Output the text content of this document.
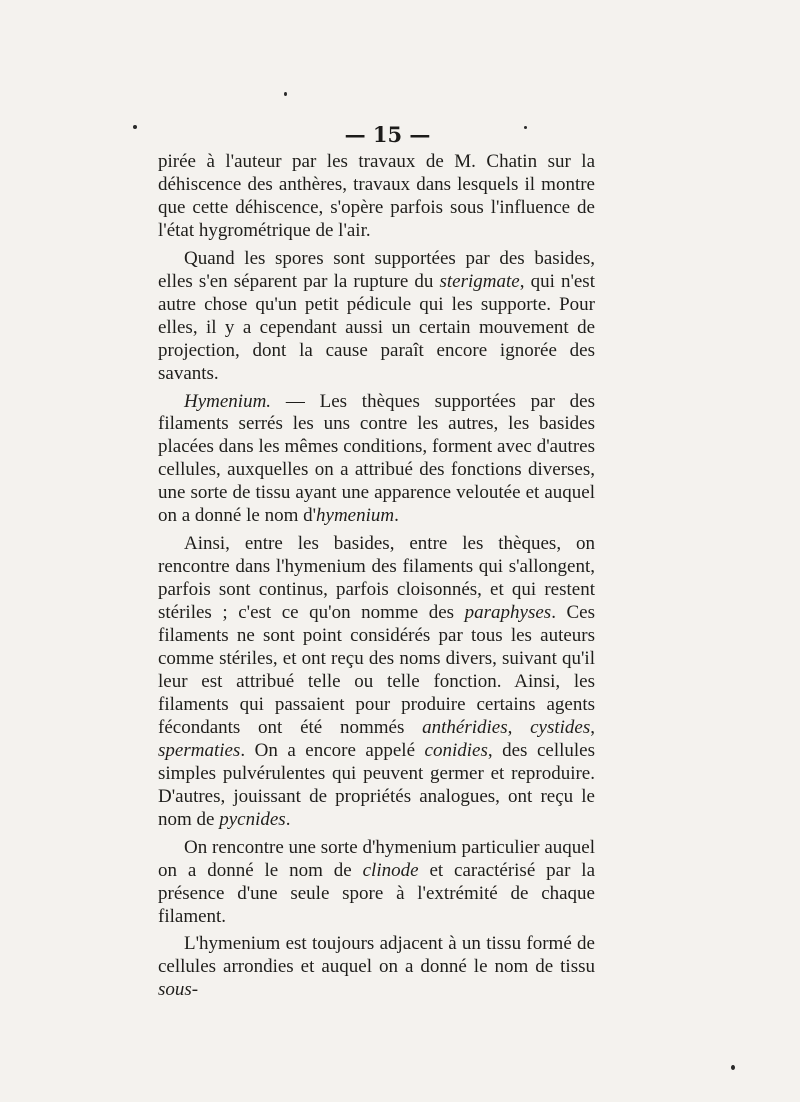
— 15 —

pirée à l'auteur par les travaux de M. Chatin sur la déhiscence des anthères, travaux dans lesquels il montre que cette déhiscence, s'opère parfois sous l'influence de l'état hygrométrique de l'air.

Quand les spores sont supportées par des basides, elles s'en séparent par la rupture du sterigmate, qui n'est autre chose qu'un petit pédicule qui les supporte. Pour elles, il y a cependant aussi un certain mouvement de projection, dont la cause paraît encore ignorée des savants.

Hymenium. — Les thèques supportées par des filaments serrés les uns contre les autres, les basides placées dans les mêmes conditions, forment avec d'autres cellules, auxquelles on a attribué des fonctions diverses, une sorte de tissu ayant une apparence veloutée et auquel on a donné le nom d'hymenium.

Ainsi, entre les basides, entre les thèques, on rencontre dans l'hymenium des filaments qui s'allongent, parfois sont continus, parfois cloisonnés, et qui restent stériles ; c'est ce qu'on nomme des paraphyses. Ces filaments ne sont point considérés par tous les auteurs comme stériles, et ont reçu des noms divers, suivant qu'il leur est attribué telle ou telle fonction. Ainsi, les filaments qui passaient pour produire certains agents fécondants ont été nommés anthéridies, cystides, spermaties. On a encore appelé conidies, des cellules simples pulvérulentes qui peuvent germer et reproduire. D'autres, jouissant de propriétés analogues, ont reçu le nom de pycnides.

On rencontre une sorte d'hymenium particulier auquel on a donné le nom de clinode et caractérisé par la présence d'une seule spore à l'extrémité de chaque filament.

L'hymenium est toujours adjacent à un tissu formé de cellules arrondies et auquel on a donné le nom de tissu sous-
